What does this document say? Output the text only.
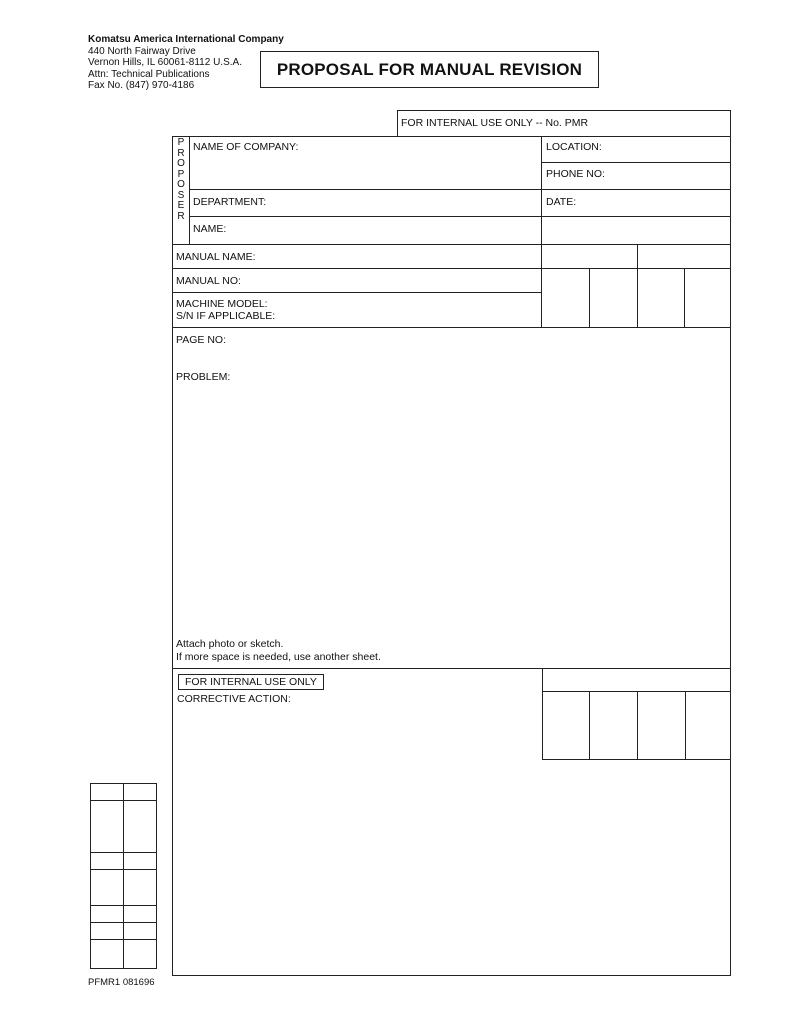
Komatsu America International Company
440 North Fairway Drive
Vernon Hills, IL 60061-8112 U.S.A.
Attn: Technical Publications
Fax No. (847) 970-4186
PROPOSAL FOR MANUAL REVISION
FOR INTERNAL USE ONLY -- No. PMR
P
R
O
P
O
S
E
R
NAME OF COMPANY:	LOCATION:
PHONE NO:
DEPARTMENT:	DATE:
NAME:
MANUAL NAME:
MANUAL NO:
MACHINE MODEL:
S/N IF APPLICABLE:
PAGE NO:
PROBLEM:
Attach photo or sketch.
If more space is needed, use another sheet.
FOR INTERNAL USE ONLY
CORRECTIVE ACTION:
PFMR1 081696
